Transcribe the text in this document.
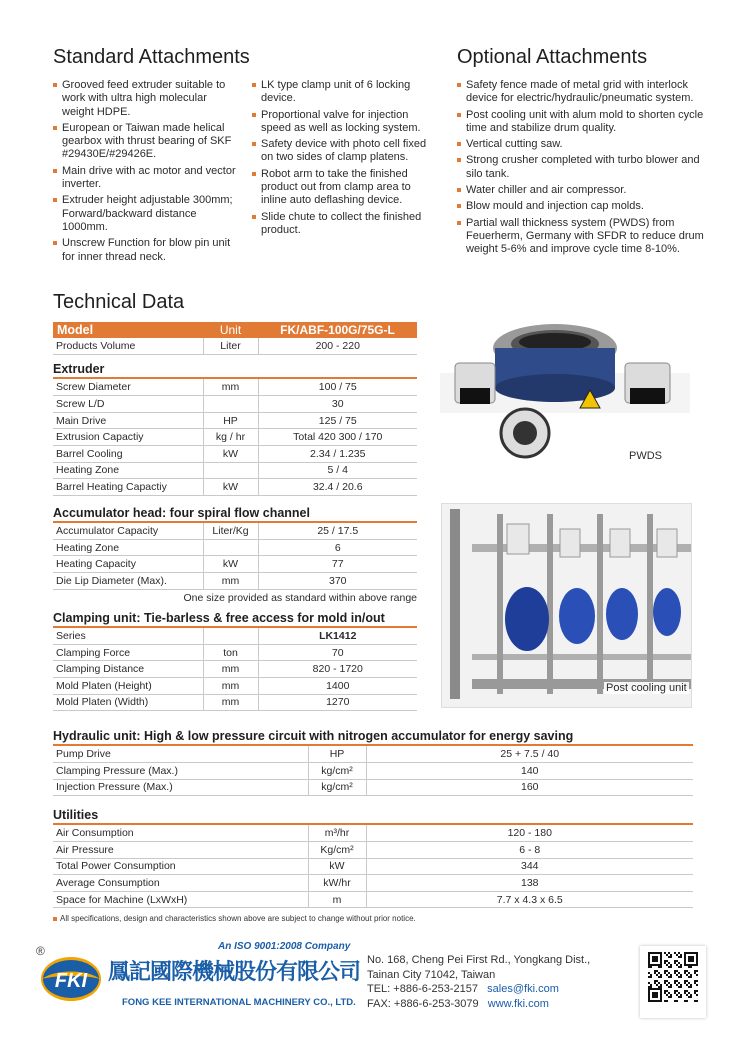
Standard Attachments
Grooved feed extruder suitable to work with ultra high molecular weight HDPE.
European or Taiwan made helical gearbox with thrust bearing of SKF #29430E/#29426E.
Main drive with ac motor and vector inverter.
Extruder height adjustable 300mm; Forward/backward distance 1000mm.
Unscrew Function for blow pin unit for inner thread neck.
LK type clamp unit of 6 locking device.
Proportional valve for injection speed as well as locking system.
Safety device with photo cell fixed on two sides of clamp platens.
Robot arm to take the finished product out from clamp area to inline auto deflashing device.
Slide chute to collect the finished product.
Optional Attachments
Safety fence made of metal grid with interlock device for electric/hydraulic/pneumatic system.
Post cooling unit with alum mold to shorten cycle time and stabilize drum quality.
Vertical cutting saw.
Strong crusher completed with turbo blower and silo tank.
Water chiller and air compressor.
Blow mould and injection cap molds.
Partial wall thickness system (PWDS) from Feuerherm, Germany with SFDR to reduce drum weight 5-6% and improve cycle time 8-10%.
Technical Data
Model	Unit	FK/ABF-100G/75G-L
Products Volume	Liter	200 - 220
Extruder
Screw Diameter	mm	100 / 75
Screw L/D		30
Main Drive	HP	125 / 75
Extrusion Capactiy	kg / hr	Total 420 300 / 170
Barrel Cooling	kW	2.34 / 1.235
Heating Zone		5 / 4
Barrel Heating Capactiy	kW	32.4 / 20.6
Accumulator head: four spiral flow channel
Accumulator Capacity	Liter/Kg	25 / 17.5
Heating Zone		6
Heating Capacity	kW	77
Die Lip Diameter (Max).	mm	370
One size provided as standard within above range
Clamping unit: Tie-barless & free access for mold in/out
Series		LK1412
Clamping Force	ton	70
Clamping Distance	mm	820 - 1720
Mold Platen (Height)	mm	1400
Mold Platen (Width)	mm	1270
PWDS
Post cooling unit
Hydraulic unit: High & low pressure circuit with nitrogen accumulator for energy saving
Pump Drive	HP	25 + 7.5 / 40
Clamping Pressure (Max.)	kg/cm²	140
Injection Pressure (Max.)	kg/cm²	160
Utilities
Air Consumption	m³/hr	120 - 180
Air Pressure	Kg/cm²	6 - 8
Total Power Consumption	kW	344
Average Consumption	kW/hr	138
Space for Machine (LxWxH)	m	7.7 x 4.3 x 6.5
All specifications, design and characteristics shown above are subject to change without prior notice.
®	An ISO 9001:2008 Company
FKI 鳳記國際機械股份有限公司
FONG KEE INTERNATIONAL MACHINERY CO., LTD.
No. 168, Cheng Pei First Rd., Yongkang Dist.,
Tainan City 71042, Taiwan
TEL: +886-6-253-2157 sales@fki.com
FAX: +886-6-253-3079 www.fki.com
